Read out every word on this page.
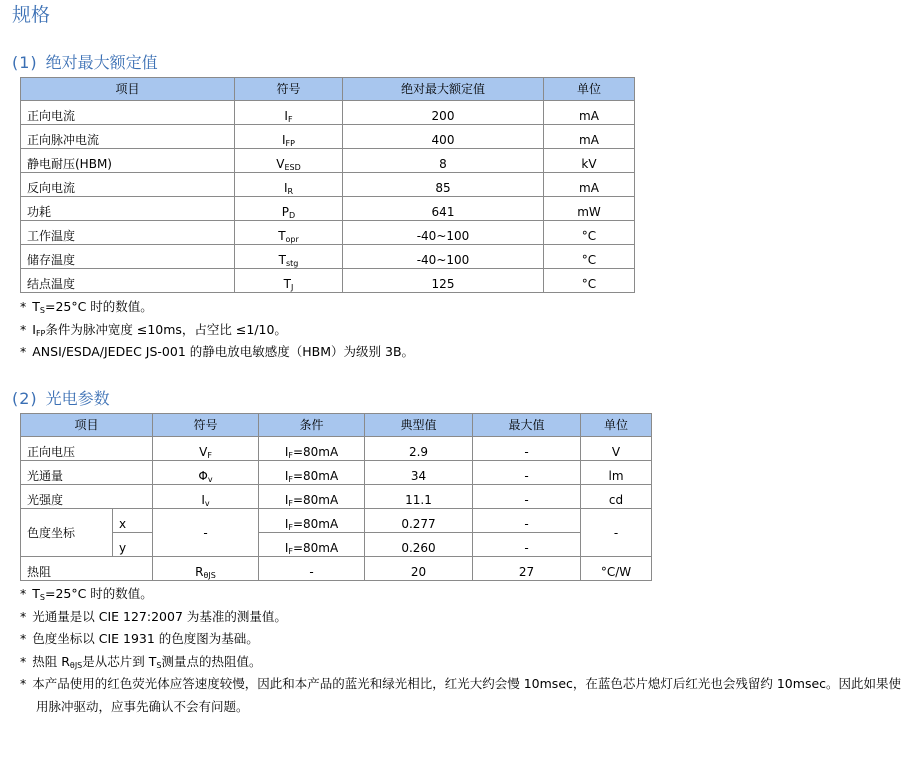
规格
(1) 绝对最大额定值
项目	符号	绝对最大额定值	单位
正向电流	$I_F$	200	mA
正向脉冲电流	$I_{FP}$	400	mA
静电耐压(HBM)	$V_{ESD}$	8	kV
反向电流	$I_R$	85	mA
功耗	$P_D$	641	mW
工作温度	$T_{opr}$	-40~100	°C
储存温度	$T_{stg}$	-40~100	°C
结点温度	$T_J$	125	°C
* $T_S=25^\circ C$ 时的数值。
* $I_{FP}$条件为脉冲宽度 ≤10ms，占空比 ≤1/10。
* ANSI/ESDA/JEDEC JS-001 的静电放电敏感度（HBM）为级别 3B。
(2) 光电参数
项目		符号	条件	典型值	最大值	单位
正向电压		$V_F$	$I_F=80mA$	2.9	-	V
光通量		$\Phi_v$	$I_F=80mA$	34	-	lm
光强度		$I_v$	$I_F=80mA$	11.1	-	cd
色度坐标	x	-	$I_F=80mA$	0.277	-	-
	y		$I_F=80mA$	0.260	-	
热阻		$R_{\theta JS}$	-	20	27	°C/W
* $T_S=25^\circ C$ 时的数值。
* 光通量是以 CIE 127:2007 为基准的测量值。
* 色度坐标以 CIE 1931 的色度图为基础。
* 热阻 $R_{\theta JS}$是从芯片到 $T_S$测量点的热阻值。
* 本产品使用的红色荧光体应答速度较慢，因此和本产品的蓝光和绿光相比，红光大约会慢 10msec，在蓝色芯片熄灯后红光也会残留约 10msec。因此如果使用脉冲驱动，应事先确认不会有问题。
